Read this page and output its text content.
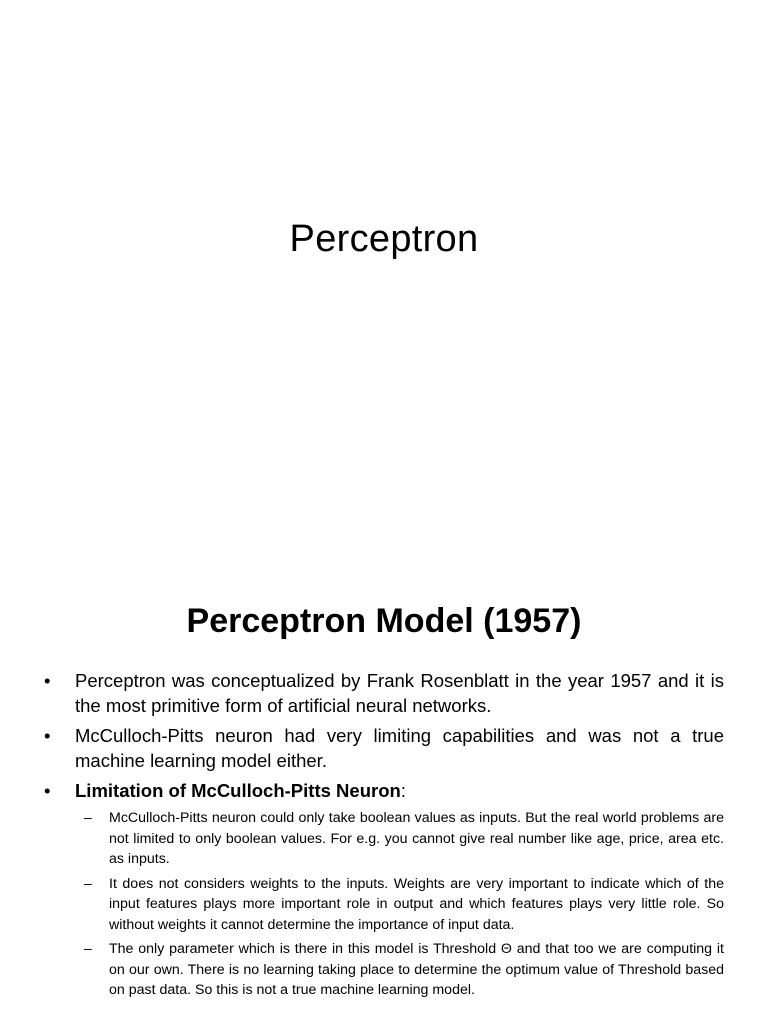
Perceptron
Perceptron Model (1957)

• Perceptron was conceptualized by Frank Rosenblatt in the year 1957 and it is the most primitive form of artificial neural networks.

• McCulloch-Pitts neuron had very limiting capabilities and was not a true machine learning model either.

• Limitation of McCulloch-Pitts Neuron:

– McCulloch-Pitts neuron could only take boolean values as inputs. But the real world problems are not limited to only boolean values. For e.g. you cannot give real number like age, price, area etc. as inputs.

– It does not considers weights to the inputs. Weights are very important to indicate which of the input features plays more important role in output and which features plays very little role. So without weights it cannot determine the importance of input data.

– The only parameter which is there in this model is Threshold Θ and that too we are computing it on our own. There is no learning taking place to determine the optimum value of Threshold based on past data. So this is not a true machine learning model.
